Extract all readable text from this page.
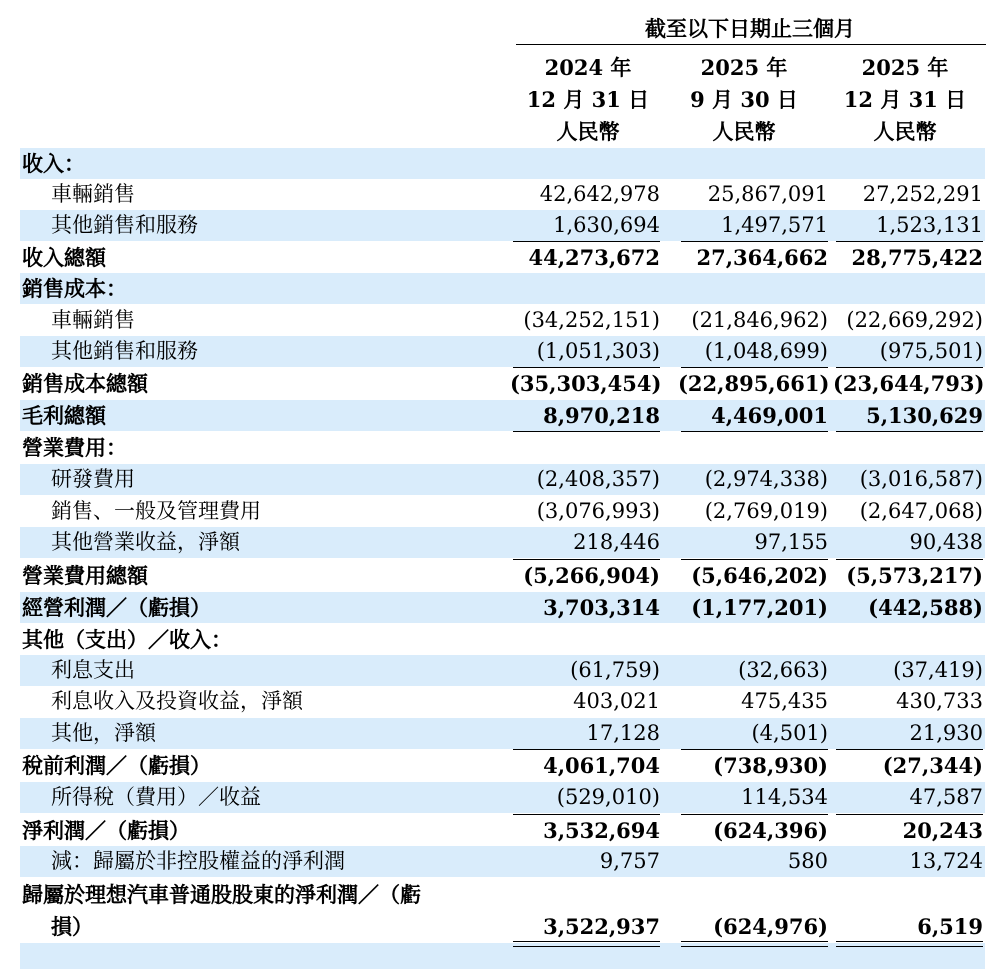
截至以下日期止三個月
2024 年
12 月 31 日
人民幣
2025 年
9 月 30 日
人民幣
2025 年
12 月 31 日
人民幣
收入：
車輛銷售	42,642,978	25,867,091	27,252,291
其他銷售和服務	1,630,694	1,497,571	1,523,131
收入總額	44,273,672	27,364,662	28,775,422
銷售成本：
車輛銷售	(34,252,151)	(21,846,962) (22,669,292)
其他銷售和服務	(1,051,303)	(1,048,699)	(975,501)
銷售成本總額	(35,303,454) (22,895,661) (23,644,793)
毛利總額	8,970,218	4,469,001	5,130,629
營業費用：
研發費用	(2,408,357)	(2,974,338)	(3,016,587)
銷售、一般及管理費用	(3,076,993)	(2,769,019)	(2,647,068)
其他營業收益，淨額	218,446	97,155	90,438
營業費用總額	(5,266,904)	(5,646,202) (5,573,217)
經營利潤／（虧損）	3,703,314	(1,177,201)	(442,588)
其他（支出）／收入：
利息支出	(61,759)	(32,663)	(37,419)
利息收入及投資收益，淨額	403,021	475,435	430,733
其他，淨額	17,128	(4,501)	21,930
稅前利潤／（虧損）	4,061,704	(738,930)	(27,344)
所得稅（費用）／收益	(529,010)	114,534	47,587
淨利潤／（虧損）	3,532,694	(624,396)	20,243
減：歸屬於非控股權益的淨利潤	9,757	580	13,724
歸屬於理想汽車普通股股東的淨利潤／（虧
損）	3,522,937	(624,976)	6,519
